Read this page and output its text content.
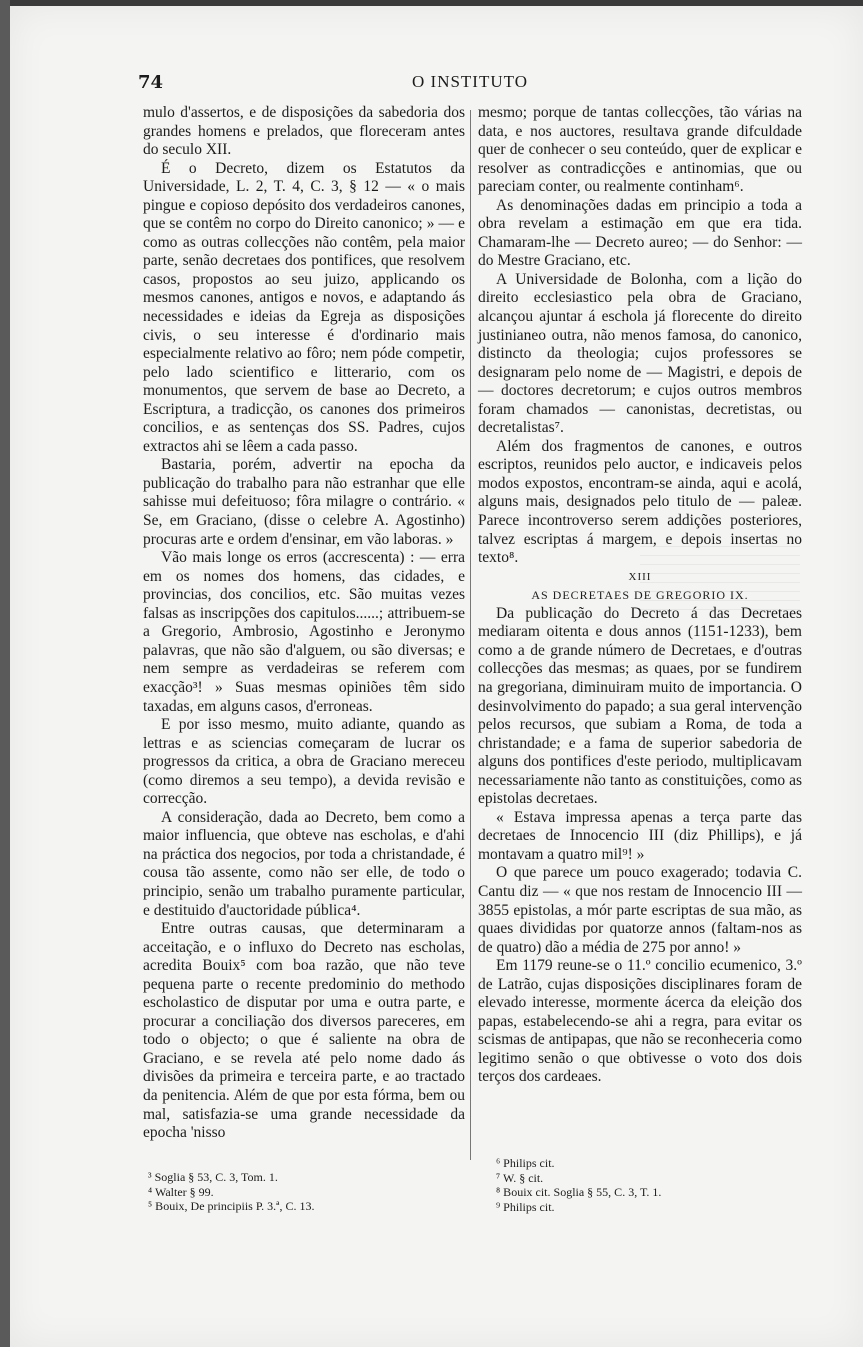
74	O INSTITUTO

mulo d'assertos, e de disposições da sabedoria dos grandes homens e prelados, que floreceram antes do seculo XII.

É o Decreto, dizem os Estatutos da Universidade, L. 2, T. 4, C. 3, § 12 — « o mais pingue e copioso depósito dos verdadeiros canones, que se contêm no corpo do Direito canonico; » — e como as outras collecções não contêm, pela maior parte, senão decretaes dos pontifices, que resolvem casos, propostos ao seu juizo, applicando os mesmos canones, antigos e novos, e adaptando ás necessidades e ideias da Egreja as disposições civis, o seu interesse é d'ordinario mais especialmente relativo ao fôro; nem póde competir, pelo lado scientifico e litterario, com os monumentos, que servem de base ao Decreto, a Escriptura, a tradicção, os canones dos primeiros concilios, e as sentenças dos SS. Padres, cujos extractos ahi se lêem a cada passo.

Bastaria, porém, advertir na epocha da publicação do trabalho para não estranhar que elle sahisse mui defeituoso; fôra milagre o contrário. « Se, em Graciano, (disse o celebre A. Agostinho) procuras arte e ordem d'ensinar, em vão laboras. »

Vão mais longe os erros (accrescenta) : — erra em os nomes dos homens, das cidades, e provincias, dos concilios, etc. São muitas vezes falsas as inscripções dos capitulos......; attribuem-se a Gregorio, Ambrosio, Agostinho e Jeronymo palavras, que não são d'alguem, ou são diversas; e nem sempre as verdadeiras se referem com exacção³! » Suas mesmas opiniões têm sido taxadas, em alguns casos, d'erroneas.

E por isso mesmo, muito adiante, quando as lettras e as sciencias começaram de lucrar os progressos da critica, a obra de Graciano mereceu (como diremos a seu tempo), a devida revisão e correcção.

A consideração, dada ao Decreto, bem como a maior influencia, que obteve nas escholas, e d'ahi na práctica dos negocios, por toda a christandade, é cousa tão assente, como não ser elle, de todo o principio, senão um trabalho puramente particular, e destituido d'auctoridade pública⁴.

Entre outras causas, que determinaram a acceitação, e o influxo do Decreto nas escholas, acredita Bouix⁵ com boa razão, que não teve pequena parte o recente predominio do methodo escholastico de disputar por uma e outra parte, e procurar a conciliação dos diversos pareceres, em todo o objecto; o que é saliente na obra de Graciano, e se revela até pelo nome dado ás divisões da primeira e terceira parte, e ao tractado da penitencia. Além de que por esta fórma, bem ou mal, satisfazia-se uma grande necessidade da epocha 'nisso

mesmo; porque de tantas collecções, tão várias na data, e nos auctores, resultava grande difculdade quer de conhecer o seu conteúdo, quer de explicar e resolver as contradicções e antinomias, que ou pareciam conter, ou realmente continham⁶.

As denominações dadas em principio a toda a obra revelam a estimação em que era tida. Chamaram-lhe — Decreto aureo; — do Senhor: — do Mestre Graciano, etc.

A Universidade de Bolonha, com a lição do direito ecclesiastico pela obra de Graciano, alcançou ajuntar á eschola já florecente do direito justinianeo outra, não menos famosa, do canonico, distincto da theologia; cujos professores se designaram pelo nome de — Magistri, e depois de — doctores decretorum; e cujos outros membros foram chamados — canonistas, decretistas, ou decretalistas⁷.

Além dos fragmentos de canones, e outros escriptos, reunidos pelo auctor, e indicaveis pelos modos expostos, encontram-se ainda, aqui e acolá, alguns mais, designados pelo titulo de — paleæ. Parece incontroverso serem addições posteriores, talvez escriptas á margem, e depois insertas no texto⁸.

XIII

AS DECRETAES DE GREGORIO IX.

Da publicação do Decreto á das Decretaes mediaram oitenta e dous annos (1151-1233), bem como a de grande número de Decretaes, e d'outras collecções das mesmas; as quaes, por se fundirem na gregoriana, diminuiram muito de importancia. O desinvolvimento do papado; a sua geral intervenção pelos recursos, que subiam a Roma, de toda a christandade; e a fama de superior sabedoria de alguns dos pontifices d'este periodo, multiplicavam necessariamente não tanto as constituições, como as epistolas decretaes.

« Estava impressa apenas a terça parte das decretaes de Innocencio III (diz Phillips), e já montavam a quatro mil⁹! »

O que parece um pouco exagerado; todavia C. Cantu diz — « que nos restam de Innocencio III — 3855 epistolas, a mór parte escriptas de sua mão, as quaes divididas por quatorze annos (faltam-nos as de quatro) dão a média de 275 por anno! »

Em 1179 reune-se o 11.º concilio ecumenico, 3.º de Latrão, cujas disposições disciplinares foram de elevado interesse, mormente ácerca da eleição dos papas, estabelecendo-se ahi a regra, para evitar os scismas de antipapas, que não se reconheceria como legitimo senão o que obtivesse o voto dos dois terços dos cardeaes.

³ Soglia § 53, C. 3, Tom. 1.
⁴ Walter § 99.
⁵ Bouix, De principiis P. 3.ª, C. 13.
⁶ Philips cit.
⁷ W. § cit.
⁸ Bouix cit. Soglia § 55, C. 3, T. 1.
⁹ Philips cit.
